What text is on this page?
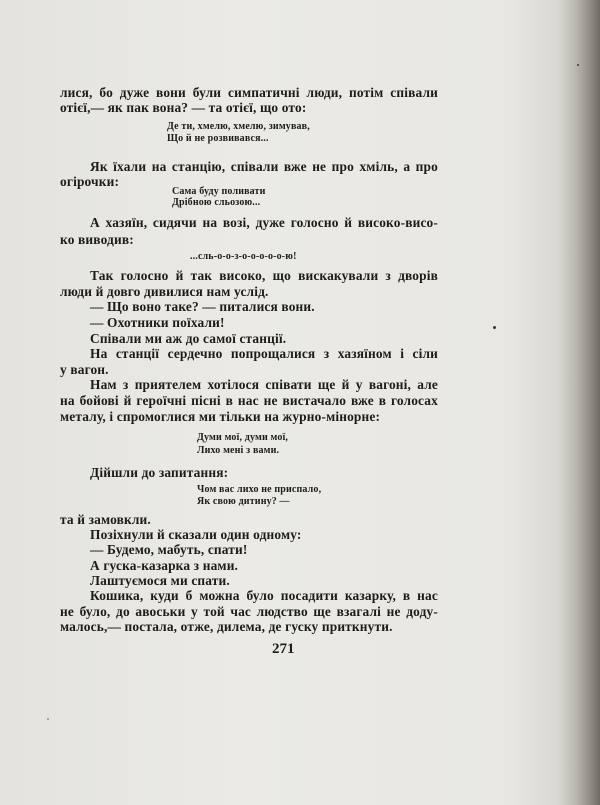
лися, бо дуже вони були симпатичні люди, потім співали
отієї,— як пак вона? — та отієї, що ото:
Де ти, хмелю, хмелю, зимував,
Що й не розвивався...
Як їхали на станцію, співали вже не про хміль, а про
огірочки:
Сама буду поливати
Дрібною сльозою...
А хазяїн, сидячи на возі, дуже голосно й високо-висо-
ко виводив:
...сль-о-о-з-о-о-о-о-о-ю!
Так голосно й так високо, що вискакували з дворів
люди й довго дивилися нам услід.
— Що воно таке? — питалися вони.
— Охотники поїхали!
Співали ми аж до самої станції.
На станції сердечно попрощалися з хазяїном і сіли
у вагон.
Нам з приятелем хотілося співати ще й у вагоні, але
на бойові й героїчні пісні в нас не вистачало вже в голосах
металу, і спромоглися ми тільки на журно-мінорне:
Думи мої, думи мої,
Лихо мені з вами.
Дійшли до запитання:
Чом вас лихо не приспало,
Як свою дитину? —
та й замовкли.
Позіхнули й сказали один одному:
— Будемо, мабуть, спати!
А гуска-казарка з нами.
Лаштуємося ми спати.
Кошика, куди б можна було посадити казарку, в нас
не було, до авоськи у той час людство ще взагалі не доду-
малось,— постала, отже, дилема, де гуску приткнути.
271
